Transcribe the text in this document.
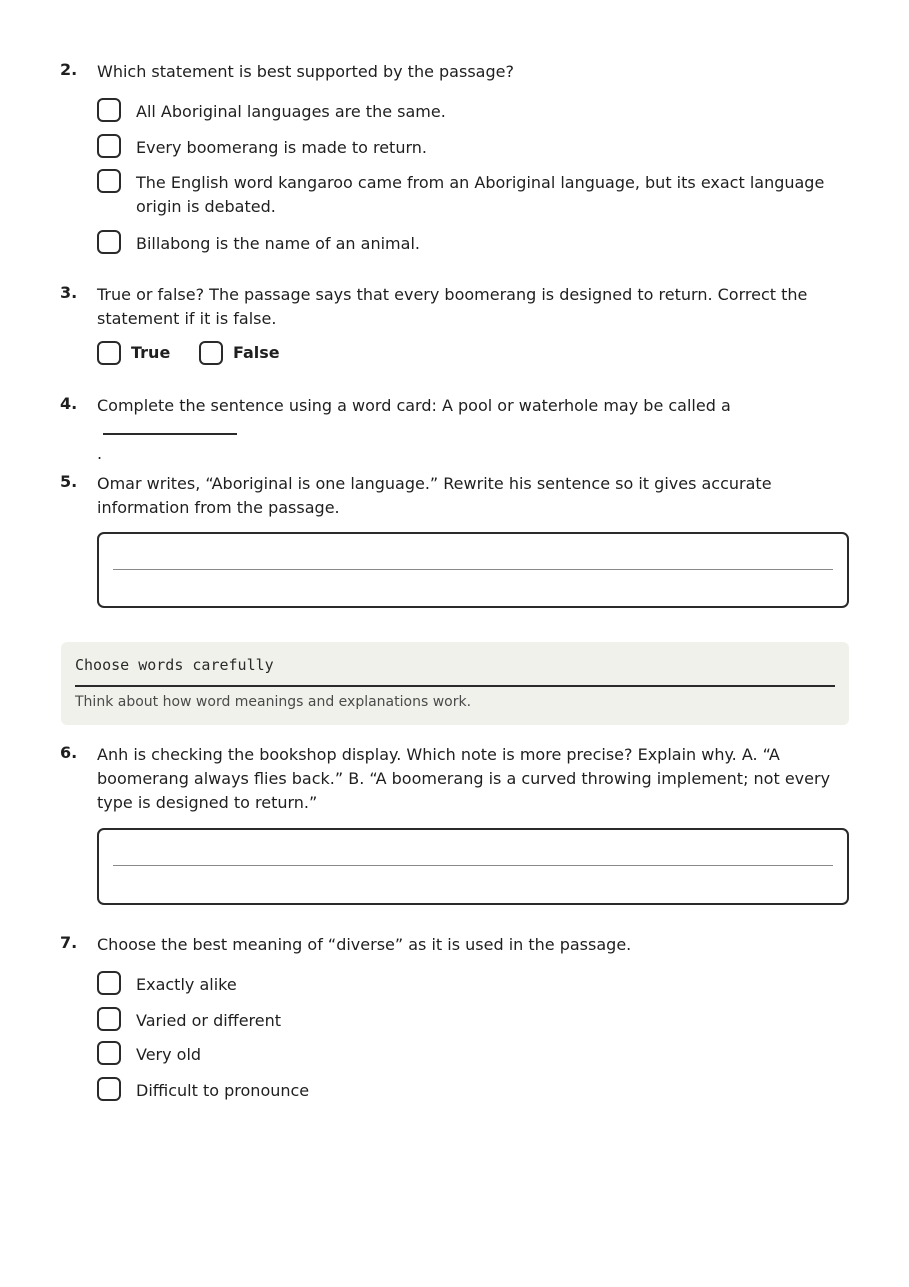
2. Which statement is best supported by the passage?
All Aboriginal languages are the same.
Every boomerang is made to return.
The English word kangaroo came from an Aboriginal language, but its exact language origin is debated.
Billabong is the name of an animal.
3. True or false? The passage says that every boomerang is designed to return. Correct the statement if it is false.
True	False
4. Complete the sentence using a word card: A pool or waterhole may be called a
.
5. Omar writes, “Aboriginal is one language.” Rewrite his sentence so it gives accurate information from the passage.
Choose words carefully
Think about how word meanings and explanations work.
6. Anh is checking the bookshop display. Which note is more precise? Explain why. A. “A boomerang always flies back.” B. “A boomerang is a curved throwing implement; not every type is designed to return.”
7. Choose the best meaning of “diverse” as it is used in the passage.
Exactly alike
Varied or different
Very old
Difficult to pronounce
